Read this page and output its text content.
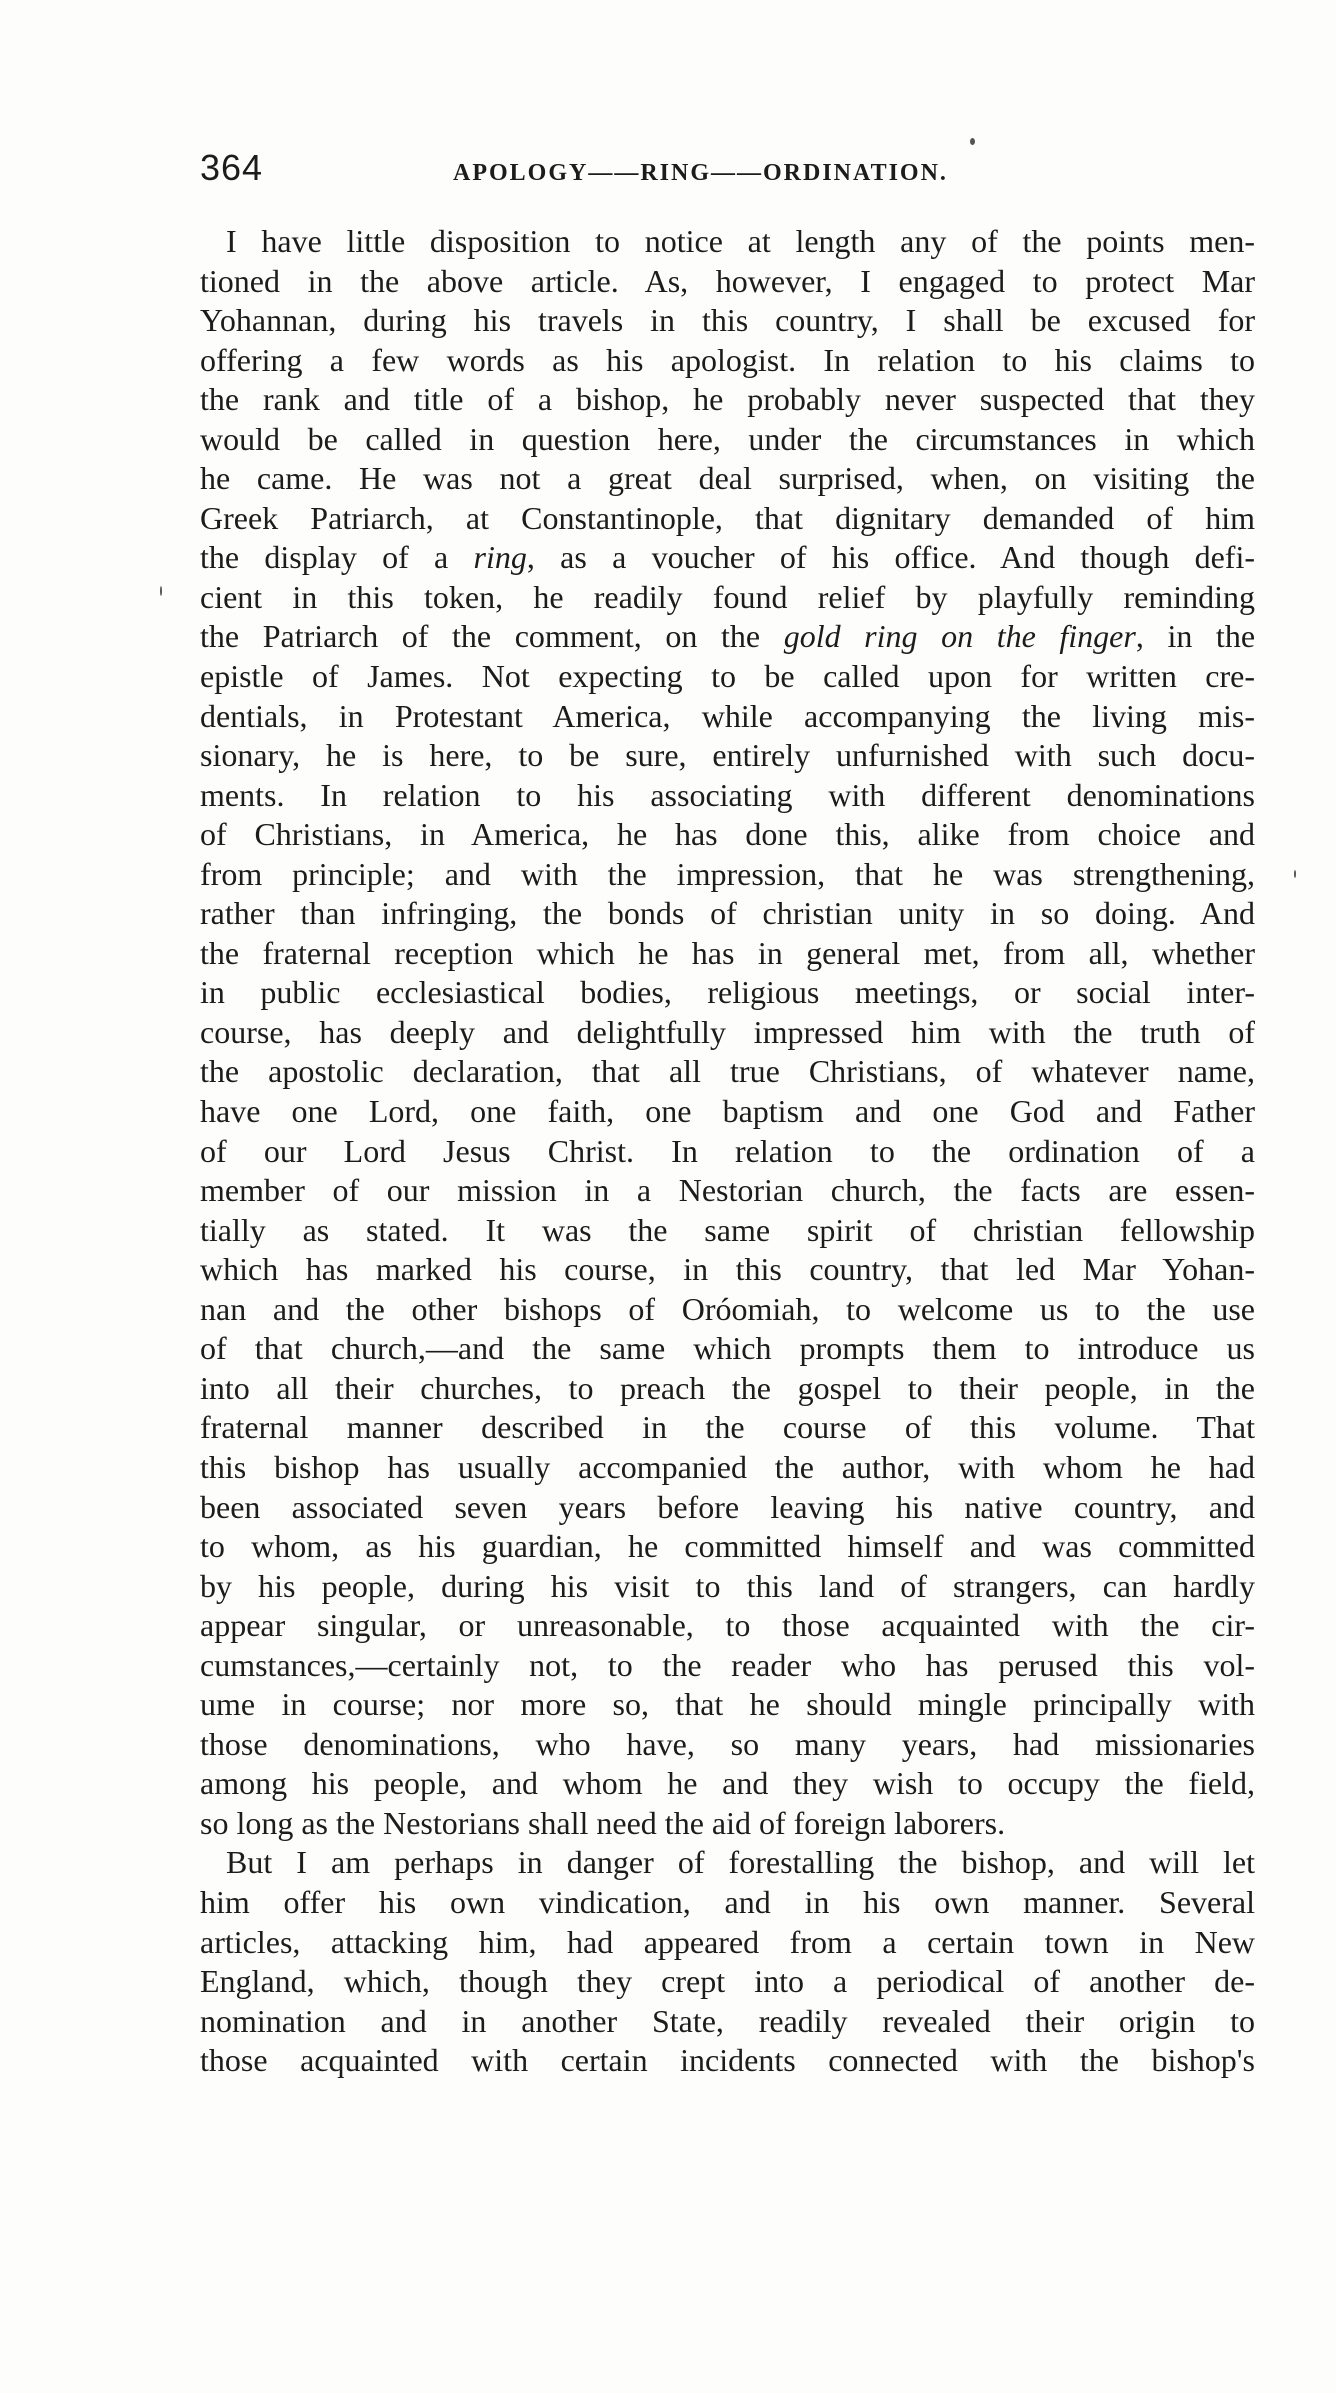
364	APOLOGY——RING——ORDINATION.
I have little disposition to notice at length any of the points men-
tioned in the above article. As, however, I engaged to protect Mar
Yohannan, during his travels in this country, I shall be excused for
offering a few words as his apologist. In relation to his claims to
the rank and title of a bishop, he probably never suspected that they
would be called in question here, under the circumstances in which
he came. He was not a great deal surprised, when, on visiting the
Greek Patriarch, at Constantinople, that dignitary demanded of him
the display of a ring, as a voucher of his office. And though defi-
cient in this token, he readily found relief by playfully reminding
the Patriarch of the comment, on the gold ring on the finger, in the
epistle of James. Not expecting to be called upon for written cre-
dentials, in Protestant America, while accompanying the living mis-
sionary, he is here, to be sure, entirely unfurnished with such docu-
ments. In relation to his associating with different denominations
of Christians, in America, he has done this, alike from choice and
from principle; and with the impression, that he was strengthening,
rather than infringing, the bonds of christian unity in so doing. And
the fraternal reception which he has in general met, from all, whether
in public ecclesiastical bodies, religious meetings, or social inter-
course, has deeply and delightfully impressed him with the truth of
the apostolic declaration, that all true Christians, of whatever name,
have one Lord, one faith, one baptism and one God and Father
of our Lord Jesus Christ. In relation to the ordination of a
member of our mission in a Nestorian church, the facts are essen-
tially as stated. It was the same spirit of christian fellowship
which has marked his course, in this country, that led Mar Yohan-
nan and the other bishops of Oróomiah, to welcome us to the use
of that church,—and the same which prompts them to introduce us
into all their churches, to preach the gospel to their people, in the
fraternal manner described in the course of this volume. That
this bishop has usually accompanied the author, with whom he had
been associated seven years before leaving his native country, and
to whom, as his guardian, he committed himself and was committed
by his people, during his visit to this land of strangers, can hardly
appear singular, or unreasonable, to those acquainted with the cir-
cumstances,—certainly not, to the reader who has perused this vol-
ume in course; nor more so, that he should mingle principally with
those denominations, who have, so many years, had missionaries
among his people, and whom he and they wish to occupy the field,
so long as the Nestorians shall need the aid of foreign laborers.
But I am perhaps in danger of forestalling the bishop, and will let
him offer his own vindication, and in his own manner. Several
articles, attacking him, had appeared from a certain town in New
England, which, though they crept into a periodical of another de-
nomination and in another State, readily revealed their origin to
those acquainted with certain incidents connected with the bishop's
